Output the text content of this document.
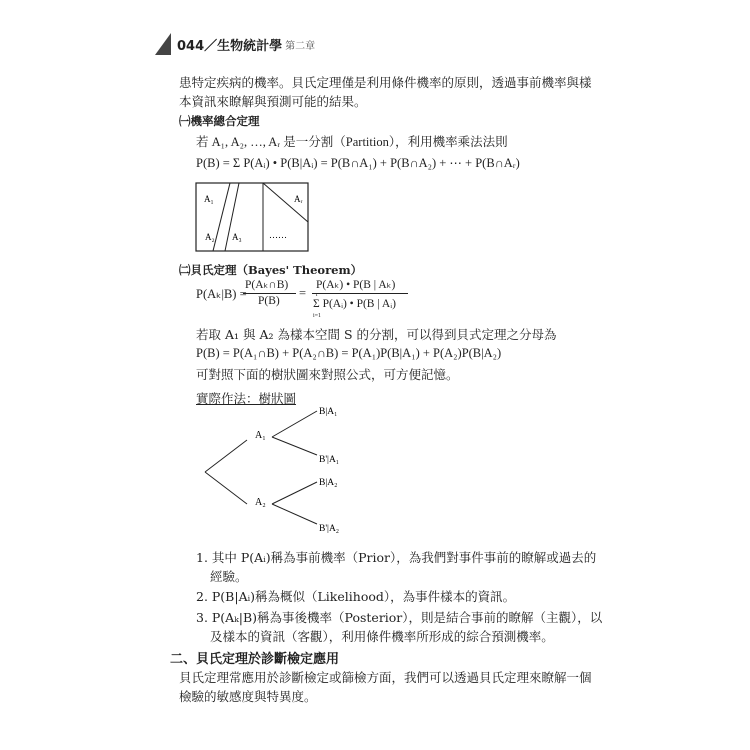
044／生物統計學 第二章
患特定疾病的機率。貝氏定理僅是利用條件機率的原則，透過事前機率與樣
本資訊來瞭解與預測可能的結果。
㈠機率總合定理
若 A₁, A₂, …, Aᵣ 是一分割（Partition），利用機率乘法法則
P(B) = Σ P(Aᵢ) • P(B|Aᵢ) = P(B∩A₁) + P(B∩A₂) + ⋯ + P(B∩Aᵣ)
A₁
A₂ A₃
Aᵣ
……
㈡貝氏定理（Bayes' Theorem）
P(Aₖ|B) =
P(Aₖ∩B)
P(B)
=
P(Aₖ) • P(B | Aₖ)
Σ P(Aᵢ) • P(B | Aᵢ)
r
i=1
若取 A₁ 與 A₂ 為樣本空間 S 的分割，可以得到貝式定理之分母為
P(B) = P(A₁∩B) + P(A₂∩B) = P(A₁)P(B|A₁) + P(A₂)P(B|A₂)
可對照下面的樹狀圖來對照公式，可方便記憶。
實際作法：樹狀圖
A₁
A₂
B|A₁
B'|A₁
B|A₂
B'|A₂
1. 其中 P(Aᵢ)稱為事前機率（Prior），為我們對事件事前的瞭解或過去的
經驗。
2. P(B|Aᵢ)稱為概似（Likelihood），為事件樣本的資訊。
3. P(Aₖ|B)稱為事後機率（Posterior），則是結合事前的瞭解（主觀），以
及樣本的資訊（客觀），利用條件機率所形成的綜合預測機率。
二、貝氏定理於診斷檢定應用
貝氏定理常應用於診斷檢定或篩檢方面，我們可以透過貝氏定理來瞭解一個
檢驗的敏感度與特異度。
